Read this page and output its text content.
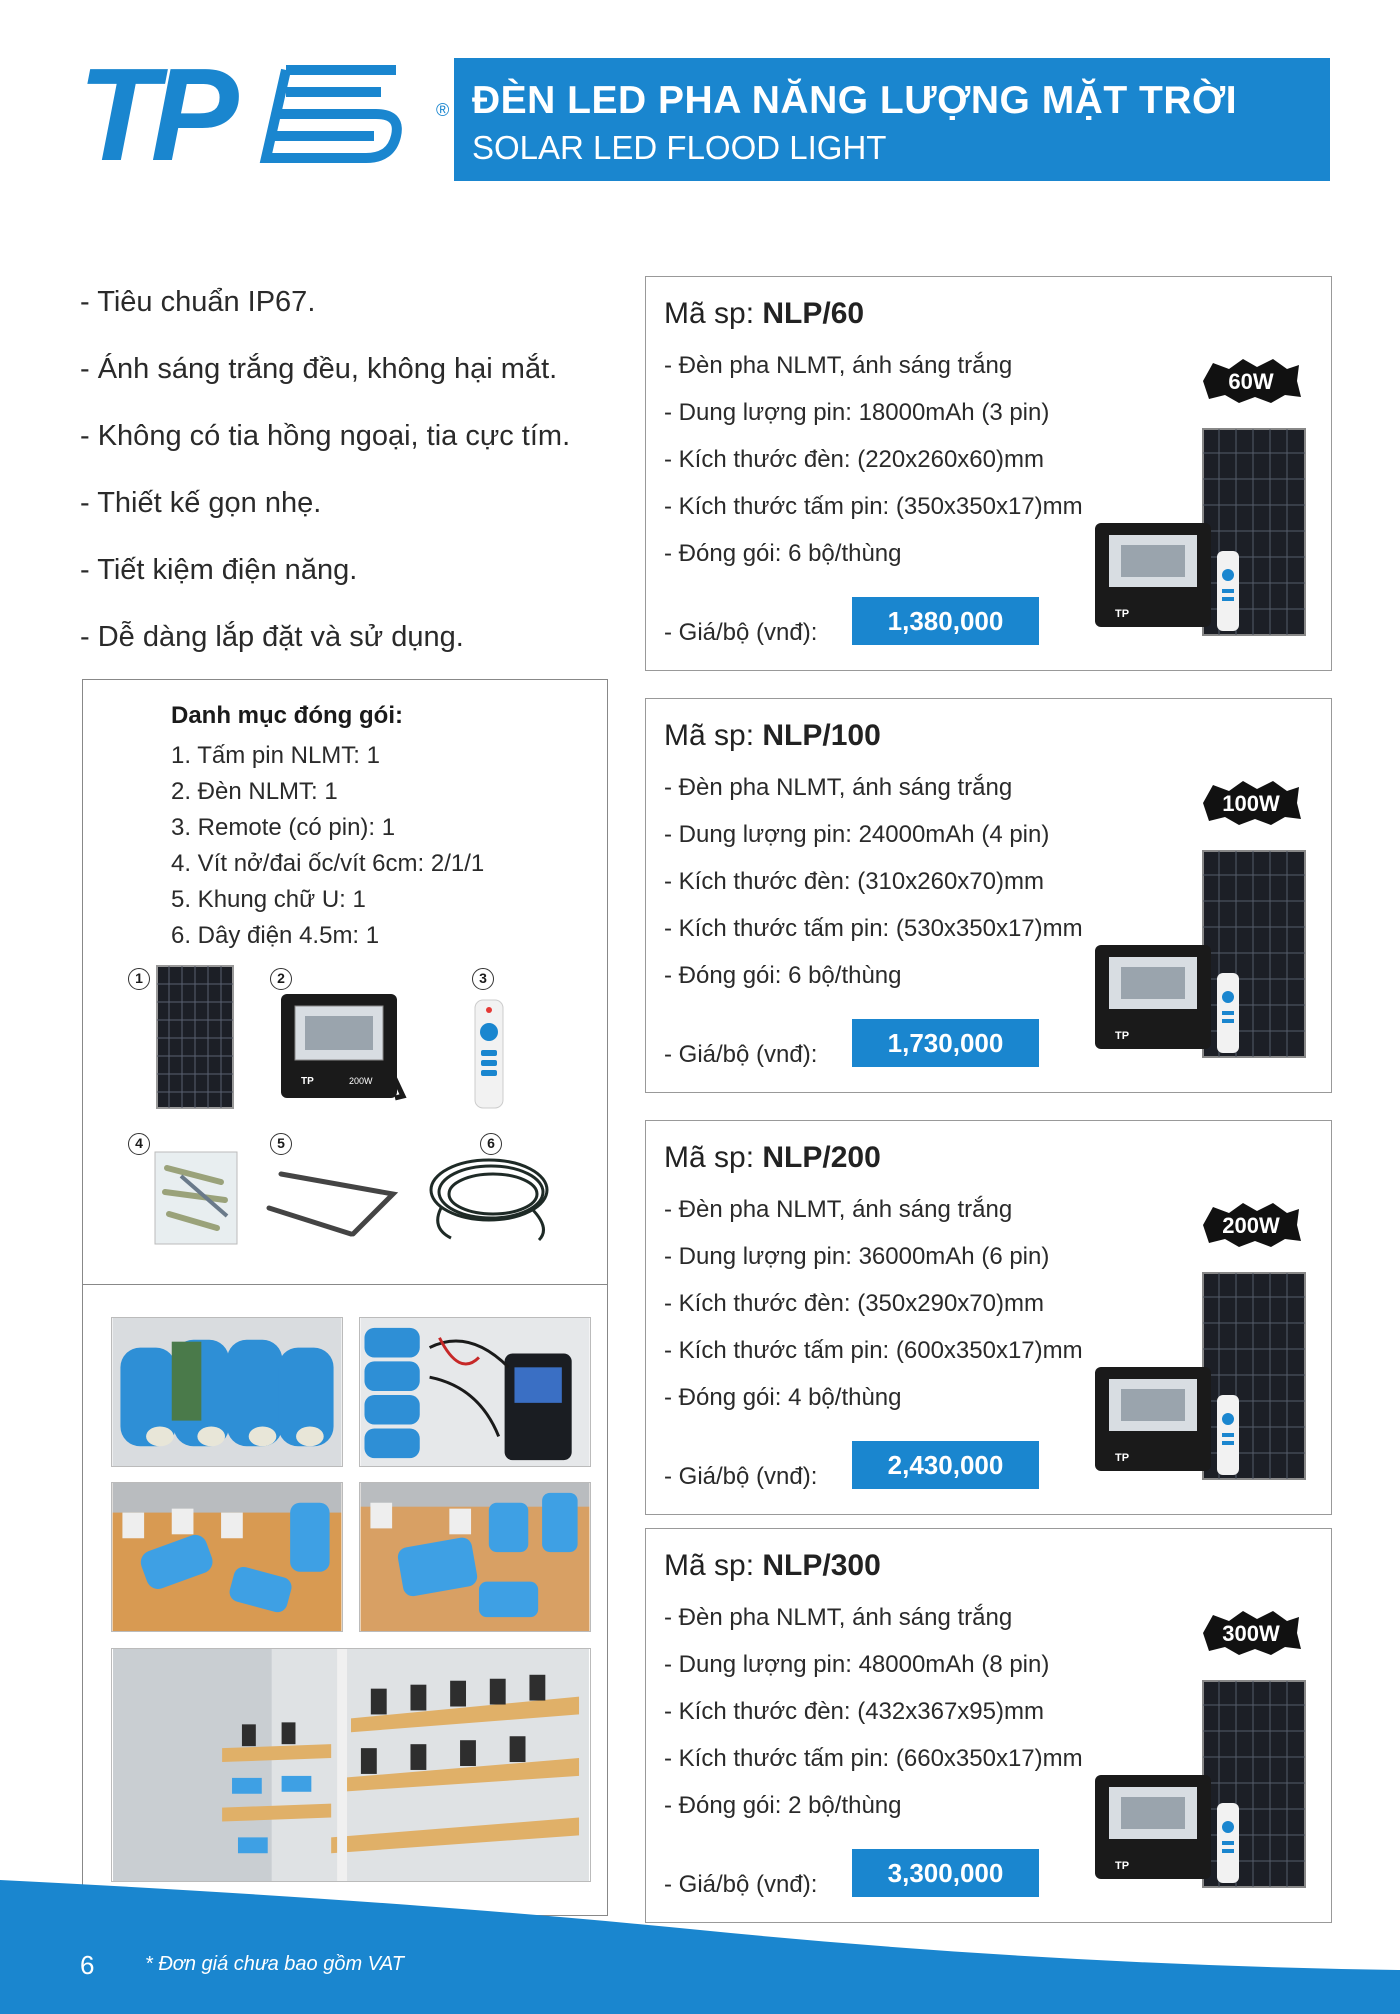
TP	® ĐÈN LED PHA NĂNG LƯỢNG MẶT TRỜI
SOLAR LED FLOOD LIGHT
- Tiêu chuẩn IP67.
- Ánh sáng trắng đều, không hại mắt.
- Không có tia hồng ngoại, tia cực tím.
- Thiết kế gọn nhẹ.
- Tiết kiệm điện năng.
- Dễ dàng lắp đặt và sử dụng.
Danh mục đóng gói:
1. Tấm pin NLMT: 1
2. Đèn NLMT: 1
3. Remote (có pin): 1
4. Vít nở/đai ốc/vít 6cm: 2/1/1
5. Khung chữ U: 1
6. Dây điện 4.5m: 1
1	2
TP	200W
3
4	5	6
Mã sp: NLP/60
- Đèn pha NLMT, ánh sáng trắng
- Dung lượng pin: 18000mAh (3 pin)
- Kích thước đèn: (220x260x60)mm
- Kích thước tấm pin: (350x350x17)mm
- Đóng gói: 6 bộ/thùng
- Giá/bộ (vnđ):	1,380,000
60W
TP
Mã sp: NLP/100
- Đèn pha NLMT, ánh sáng trắng
- Dung lượng pin: 24000mAh (4 pin)
- Kích thước đèn: (310x260x70)mm
- Kích thước tấm pin: (530x350x17)mm
- Đóng gói: 6 bộ/thùng
- Giá/bộ (vnđ):	1,730,000
100W
TP
Mã sp: NLP/200
- Đèn pha NLMT, ánh sáng trắng
- Dung lượng pin: 36000mAh (6 pin)
- Kích thước đèn: (350x290x70)mm
- Kích thước tấm pin: (600x350x17)mm
- Đóng gói: 4 bộ/thùng
- Giá/bộ (vnđ):	2,430,000
200W
TP
Mã sp: NLP/300
- Đèn pha NLMT, ánh sáng trắng
- Dung lượng pin: 48000mAh (8 pin)
- Kích thước đèn: (432x367x95)mm
- Kích thước tấm pin: (660x350x17)mm
- Đóng gói: 2 bộ/thùng
- Giá/bộ (vnđ):	3,300,000
300W
TP
6	* Đơn giá chưa bao gồm VAT
